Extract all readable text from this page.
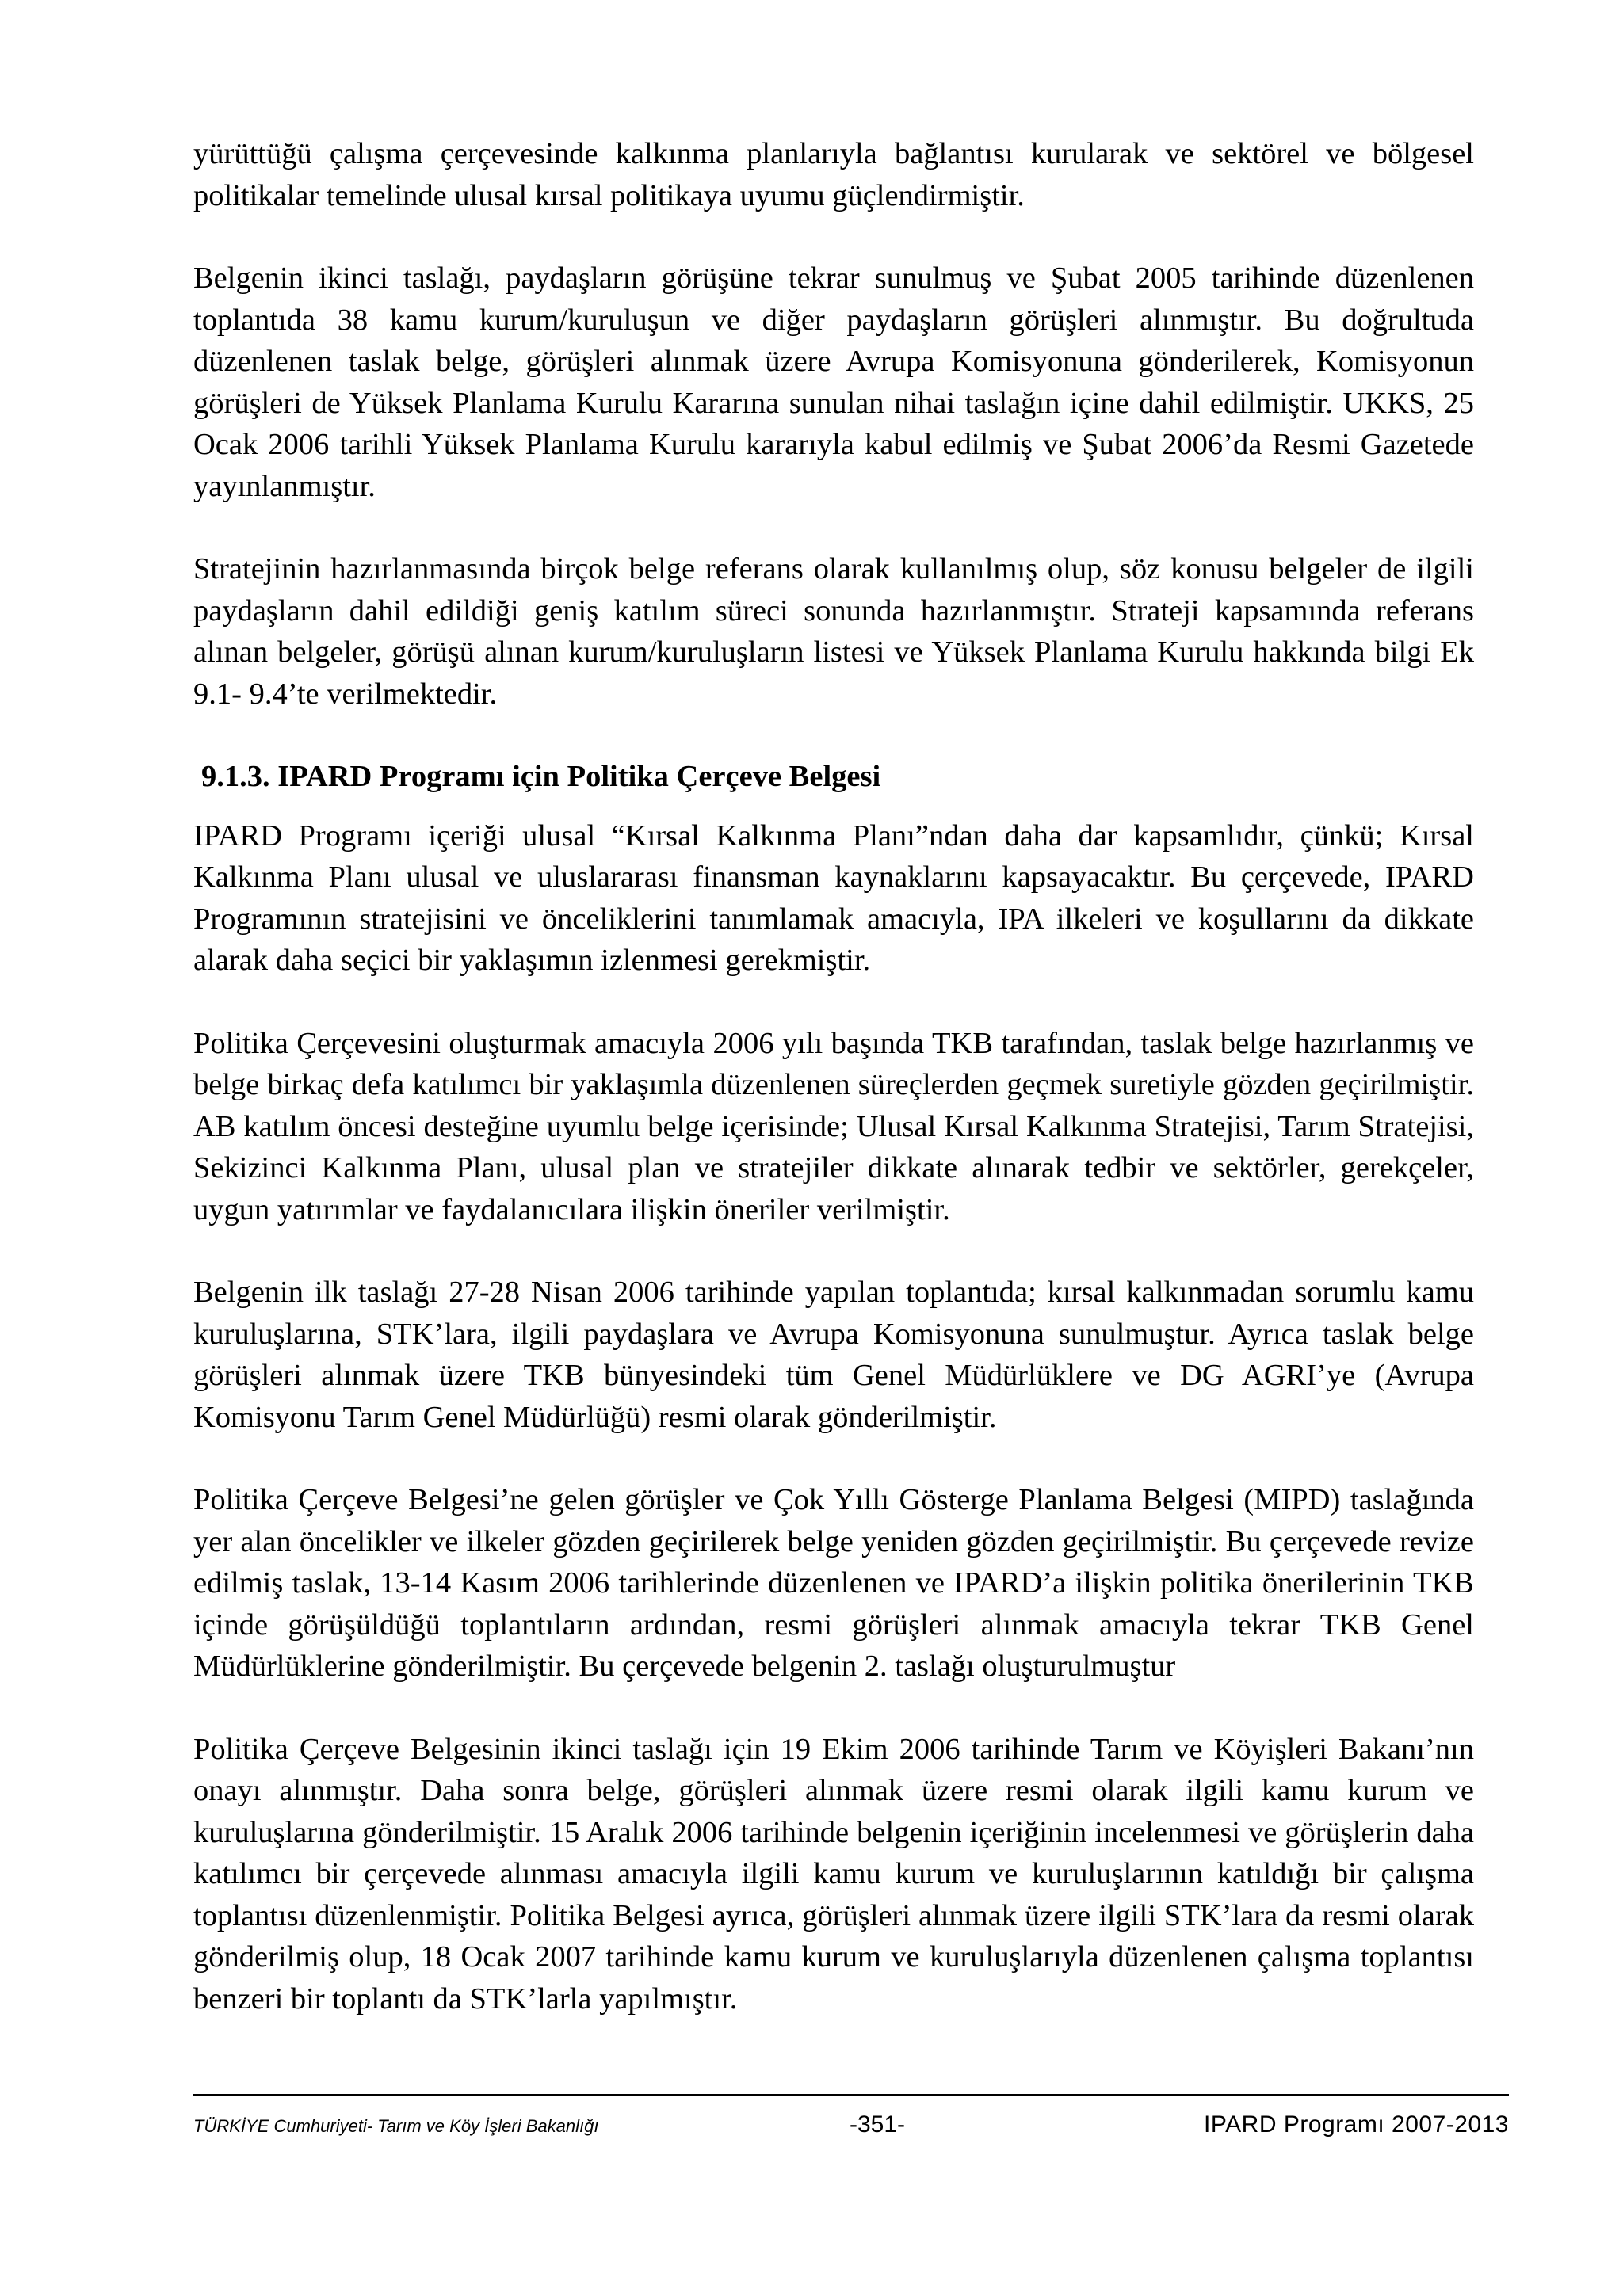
yürüttüğü çalışma çerçevesinde kalkınma planlarıyla bağlantısı kurularak ve sektörel ve bölgesel politikalar temelinde ulusal kırsal politikaya uyumu güçlendirmiştir.

Belgenin ikinci taslağı, paydaşların görüşüne tekrar sunulmuş ve Şubat 2005 tarihinde düzenlenen toplantıda 38 kamu kurum/kuruluşun ve diğer paydaşların görüşleri alınmıştır. Bu doğrultuda düzenlenen taslak belge, görüşleri alınmak üzere Avrupa Komisyonuna gönderilerek, Komisyonun görüşleri de Yüksek Planlama Kurulu Kararına sunulan nihai taslağın içine dahil edilmiştir. UKKS, 25 Ocak 2006 tarihli Yüksek Planlama Kurulu kararıyla kabul edilmiş ve Şubat 2006’da Resmi Gazetede yayınlanmıştır.

Stratejinin hazırlanmasında birçok belge referans olarak kullanılmış olup, söz konusu belgeler de ilgili paydaşların dahil edildiği geniş katılım süreci sonunda hazırlanmıştır. Strateji kapsamında referans alınan belgeler, görüşü alınan kurum/kuruluşların listesi ve Yüksek Planlama Kurulu hakkında bilgi Ek 9.1- 9.4’te verilmektedir.

9.1.3. IPARD Programı için Politika Çerçeve Belgesi

IPARD Programı içeriği ulusal “Kırsal Kalkınma Planı”ndan daha dar kapsamlıdır, çünkü; Kırsal Kalkınma Planı ulusal ve uluslararası finansman kaynaklarını kapsayacaktır. Bu çerçevede, IPARD Programının stratejisini ve önceliklerini tanımlamak amacıyla, IPA ilkeleri ve koşullarını da dikkate alarak daha seçici bir yaklaşımın izlenmesi gerekmiştir.

Politika Çerçevesini oluşturmak amacıyla 2006 yılı başında TKB tarafından, taslak belge hazırlanmış ve belge birkaç defa katılımcı bir yaklaşımla düzenlenen süreçlerden geçmek suretiyle gözden geçirilmiştir. AB katılım öncesi desteğine uyumlu belge içerisinde; Ulusal Kırsal Kalkınma Stratejisi, Tarım Stratejisi, Sekizinci Kalkınma Planı, ulusal plan ve stratejiler dikkate alınarak tedbir ve sektörler, gerekçeler, uygun yatırımlar ve faydalanıcılara ilişkin öneriler verilmiştir.

Belgenin ilk taslağı 27-28 Nisan 2006 tarihinde yapılan toplantıda; kırsal kalkınmadan sorumlu kamu kuruluşlarına, STK’lara, ilgili paydaşlara ve Avrupa Komisyonuna sunulmuştur. Ayrıca taslak belge görüşleri alınmak üzere TKB bünyesindeki tüm Genel Müdürlüklere ve DG AGRI’ye (Avrupa Komisyonu Tarım Genel Müdürlüğü) resmi olarak gönderilmiştir.

Politika Çerçeve Belgesi’ne gelen görüşler ve Çok Yıllı Gösterge Planlama Belgesi (MIPD) taslağında yer alan öncelikler ve ilkeler gözden geçirilerek belge yeniden gözden geçirilmiştir. Bu çerçevede revize edilmiş taslak, 13-14 Kasım 2006 tarihlerinde düzenlenen ve IPARD’a ilişkin politika önerilerinin TKB içinde görüşüldüğü toplantıların ardından, resmi görüşleri alınmak amacıyla tekrar TKB Genel Müdürlüklerine gönderilmiştir. Bu çerçevede belgenin 2. taslağı oluşturulmuştur

Politika Çerçeve Belgesinin ikinci taslağı için 19 Ekim 2006 tarihinde Tarım ve Köyişleri Bakanı’nın onayı alınmıştır. Daha sonra belge, görüşleri alınmak üzere resmi olarak ilgili kamu kurum ve kuruluşlarına gönderilmiştir. 15 Aralık 2006 tarihinde belgenin içeriğinin incelenmesi ve görüşlerin daha katılımcı bir çerçevede alınması amacıyla ilgili kamu kurum ve kuruluşlarının katıldığı bir çalışma toplantısı düzenlenmiştir. Politika Belgesi ayrıca, görüşleri alınmak üzere ilgili STK’lara da resmi olarak gönderilmiş olup, 18 Ocak 2007 tarihinde kamu kurum ve kuruluşlarıyla düzenlenen çalışma toplantısı benzeri bir toplantı da STK’larla yapılmıştır.

TÜRKİYE Cumhuriyeti- Tarım ve Köy İşleri Bakanlığı	-351-	IPARD Programı 2007-2013
